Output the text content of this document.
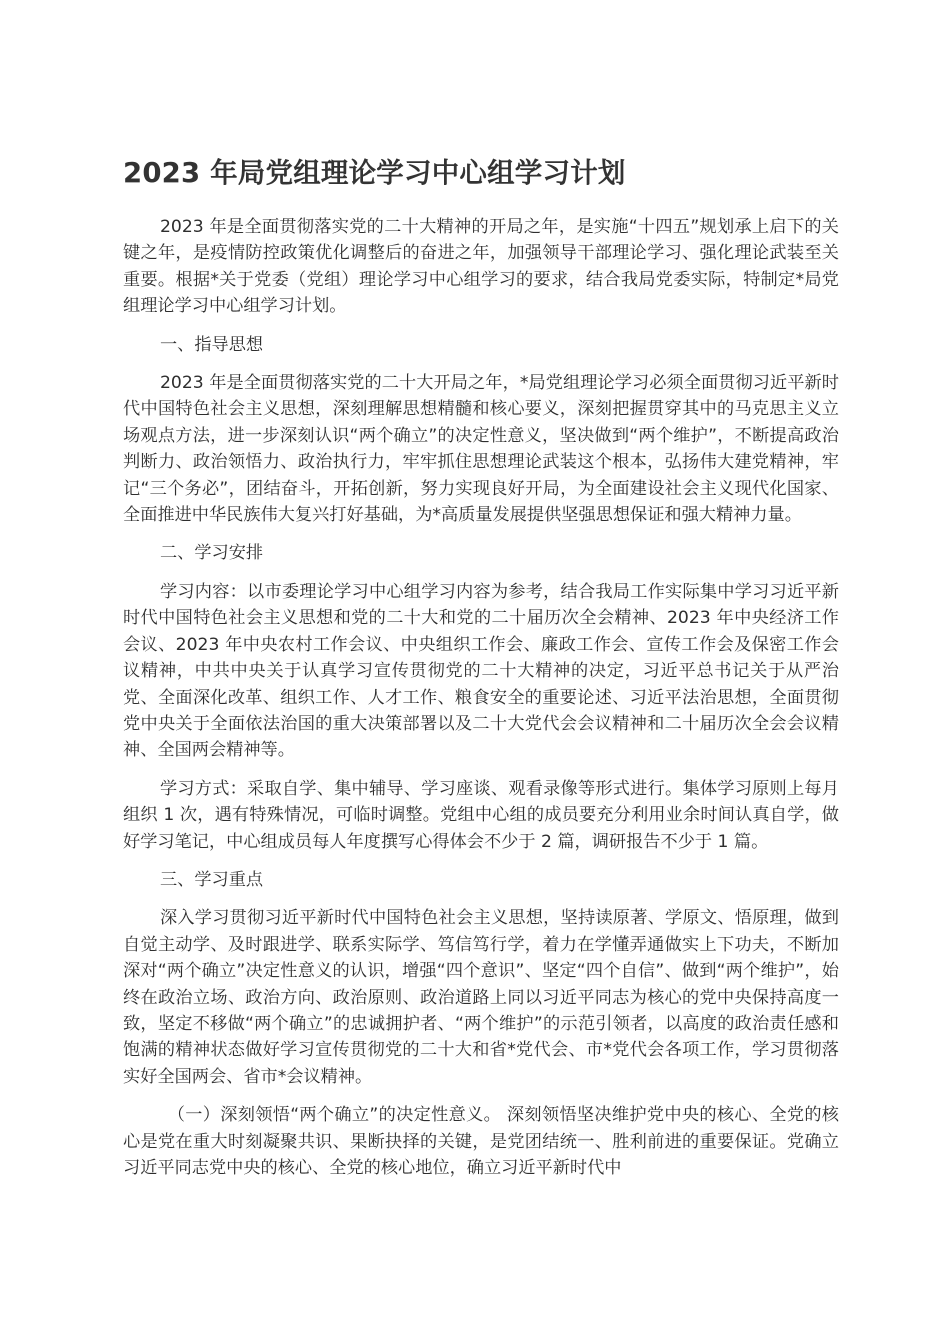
2023 年局党组理论学习中心组学习计划

2023 年是全面贯彻落实党的二十大精神的开局之年，是实施“十四五”规划承上启下的关键之年，是疫情防控政策优化调整后的奋进之年，加强领导干部理论学习、强化理论武装至关重要。根据*关于党委（党组）理论学习中心组学习的要求，结合我局党委实际，特制定*局党组理论学习中心组学习计划。

一、指导思想

2023 年是全面贯彻落实党的二十大开局之年，*局党组理论学习必须全面贯彻习近平新时代中国特色社会主义思想，深刻理解思想精髓和核心要义，深刻把握贯穿其中的马克思主义立场观点方法，进一步深刻认识“两个确立”的决定性意义，坚决做到“两个维护”，不断提高政治判断力、政治领悟力、政治执行力，牢牢抓住思想理论武装这个根本，弘扬伟大建党精神，牢记“三个务必”，团结奋斗，开拓创新，努力实现良好开局，为全面建设社会主义现代化国家、全面推进中华民族伟大复兴打好基础，为*高质量发展提供坚强思想保证和强大精神力量。

二、学习安排

学习内容：以市委理论学习中心组学习内容为参考，结合我局工作实际集中学习习近平新时代中国特色社会主义思想和党的二十大和党的二十届历次全会精神、2023 年中央经济工作会议、2023 年中央农村工作会议、中央组织工作会、廉政工作会、宣传工作会及保密工作会议精神，中共中央关于认真学习宣传贯彻党的二十大精神的决定，习近平总书记关于从严治党、全面深化改革、组织工作、人才工作、粮食安全的重要论述、习近平法治思想，全面贯彻党中央关于全面依法治国的重大决策部署以及二十大党代会会议精神和二十届历次全会会议精神、全国两会精神等。

学习方式：采取自学、集中辅导、学习座谈、观看录像等形式进行。集体学习原则上每月组织 1 次，遇有特殊情况，可临时调整。党组中心组的成员要充分利用业余时间认真自学，做好学习笔记，中心组成员每人年度撰写心得体会不少于 2 篇，调研报告不少于 1 篇。

三、学习重点

深入学习贯彻习近平新时代中国特色社会主义思想，坚持读原著、学原文、悟原理，做到自觉主动学、及时跟进学、联系实际学、笃信笃行学，着力在学懂弄通做实上下功夫，不断加深对“两个确立”决定性意义的认识，增强“四个意识”、坚定“四个自信”、做到“两个维护”，始终在政治立场、政治方向、政治原则、政治道路上同以习近平同志为核心的党中央保持高度一致，坚定不移做“两个确立”的忠诚拥护者、“两个维护”的示范引领者，以高度的政治责任感和饱满的精神状态做好学习宣传贯彻党的二十大和省*党代会、市*党代会各项工作，学习贯彻落实好全国两会、省市*会议精神。

（一）深刻领悟“两个确立”的决定性意义。 深刻领悟坚决维护党中央的核心、全党的核心是党在重大时刻凝聚共识、果断抉择的关键，是党团结统一、胜利前进的重要保证。党确立习近平同志党中央的核心、全党的核心地位，确立习近平新时代中
